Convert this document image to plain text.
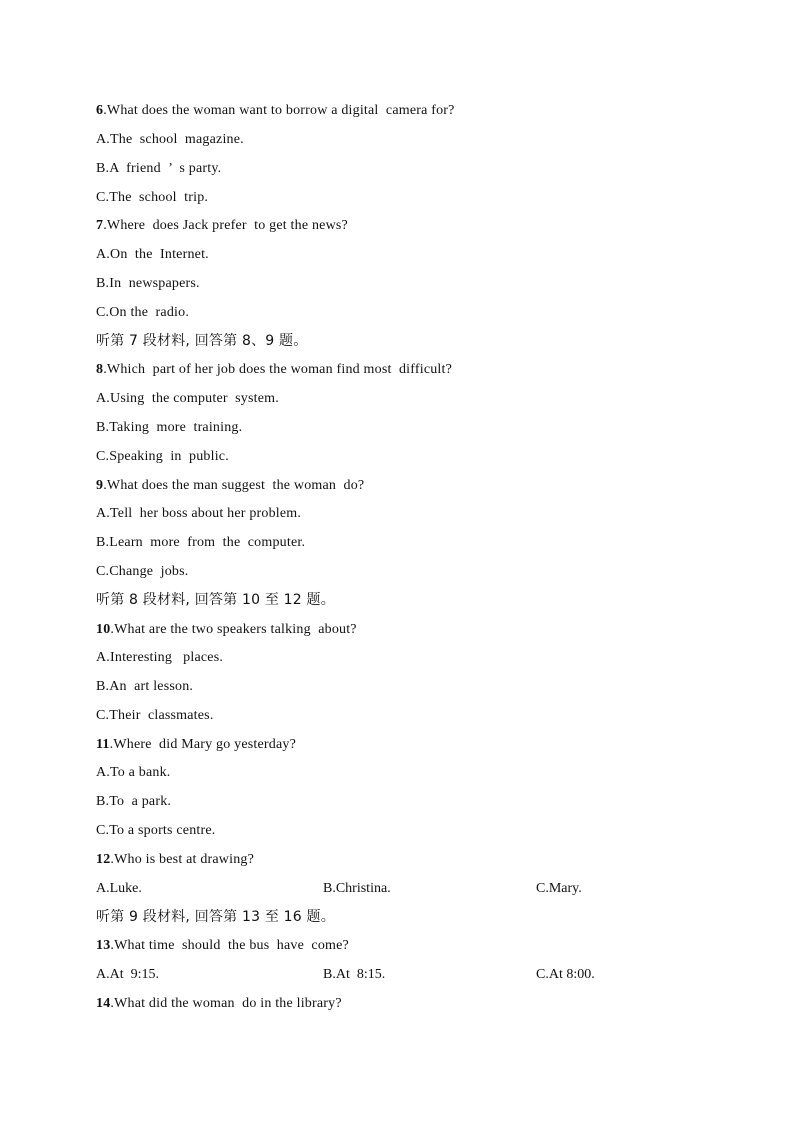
6.What does the woman want to borrow a digital  camera for?
A.The  school  magazine.
B.A  friend  ’  s party.
C.The  school  trip.
7.Where  does Jack prefer  to get the news?
A.On  the  Internet.
B.In  newspapers.
C.On the  radio.
听第 7 段材料, 回答第 8、9 题。
8.Which  part of her job does the woman find most  difficult?
A.Using  the computer  system.
B.Taking  more  training.
C.Speaking  in  public.
9.What does the man suggest  the woman  do?
A.Tell  her boss about her problem.
B.Learn  more  from  the  computer.
C.Change  jobs.
听第 8 段材料, 回答第 10 至 12 题。
10.What are the two speakers talking  about?
A.Interesting   places.
B.An  art lesson.
C.Their  classmates.
11.Where  did Mary go yesterday?
A.To a bank.
B.To  a park.
C.To a sports centre.
12.Who is best at drawing?
A.Luke.	B.Christina.	C.Mary.
听第 9 段材料, 回答第 13 至 16 题。
13.What time  should  the bus  have  come?
A.At  9:15.	B.At  8:15.	C.At 8:00.
14.What did the woman  do in the library?
